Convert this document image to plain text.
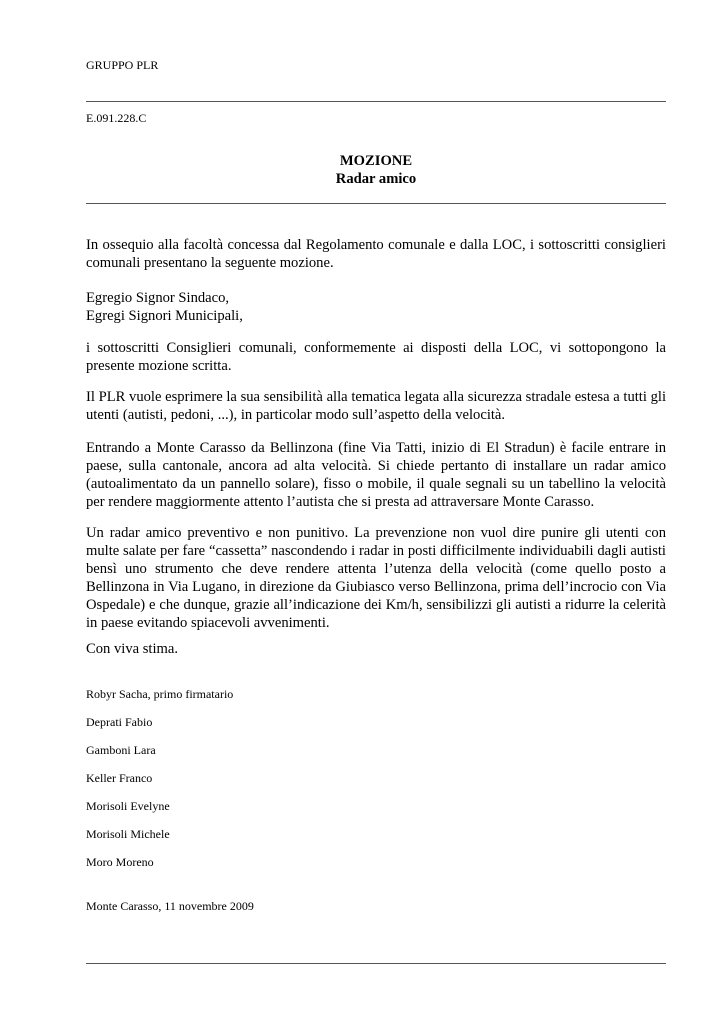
GRUPPO PLR
E.091.228.C
MOZIONE
Radar amico
In ossequio alla facoltà concessa dal Regolamento comunale e dalla LOC, i sottoscritti consiglieri comunali presentano la seguente mozione.
Egregio Signor Sindaco,
Egregi Signori Municipali,
i sottoscritti Consiglieri comunali, conformemente ai disposti della LOC, vi sottopongono la presente mozione scritta.
Il PLR vuole esprimere la sua sensibilità alla tematica legata alla sicurezza stradale estesa a tutti gli utenti (autisti, pedoni, ...), in particolar modo sull’aspetto della velocità.
Entrando a Monte Carasso da Bellinzona (fine Via Tatti, inizio di El Stradun) è facile entrare in paese, sulla cantonale, ancora ad alta velocità. Si chiede pertanto di installare un radar amico (autoalimentato da un pannello solare), fisso o mobile, il quale segnali su un tabellino la velocità per rendere maggiormente attento l’autista che si presta ad attraversare Monte Carasso.
Un radar amico preventivo e non punitivo. La prevenzione non vuol dire punire gli utenti con multe salate per fare “cassetta” nascondendo i radar in posti difficilmente individuabili dagli autisti bensì uno strumento che deve rendere attenta l’utenza della velocità (come quello posto a Bellinzona in Via Lugano, in direzione da Giubiasco verso Bellinzona, prima dell’incrocio con Via Ospedale) e che dunque, grazie all’indicazione dei Km/h, sensibilizzi gli autisti a ridurre la celerità in paese evitando spiacevoli avvenimenti.
Con viva stima.
Robyr Sacha, primo firmatario
Deprati Fabio
Gamboni Lara
Keller Franco
Morisoli Evelyne
Morisoli Michele
Moro Moreno
Monte Carasso, 11 novembre 2009
